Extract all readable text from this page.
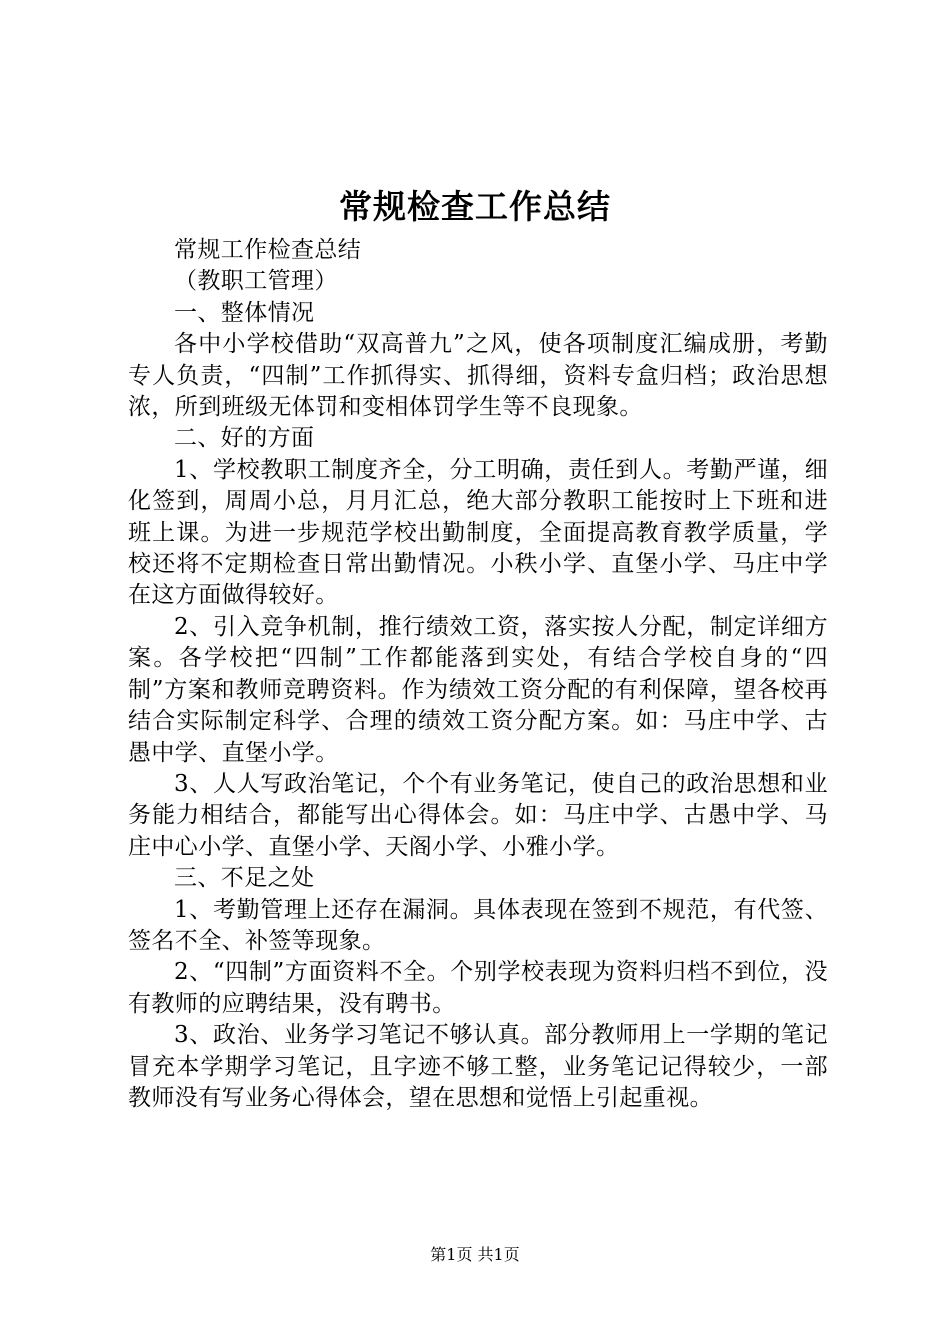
常规检查工作总结

常规工作检查总结

（教职工管理）

一、整体情况

各中小学校借助“双高普九”之风，使各项制度汇编成册，考勤专人负责，“四制”工作抓得实、抓得细，资料专盒归档；政治思想浓，所到班级无体罚和变相体罚学生等不良现象。

二、好的方面

1、学校教职工制度齐全，分工明确，责任到人。考勤严谨，细化签到，周周小总，月月汇总，绝大部分教职工能按时上下班和进班上课。为进一步规范学校出勤制度，全面提高教育教学质量，学校还将不定期检查日常出勤情况。小秩小学、直堡小学、马庄中学在这方面做得较好。

2、引入竞争机制，推行绩效工资，落实按人分配，制定详细方案。各学校把“四制”工作都能落到实处，有结合学校自身的“四制”方案和教师竞聘资料。作为绩效工资分配的有利保障，望各校再结合实际制定科学、合理的绩效工资分配方案。如：马庄中学、古愚中学、直堡小学。

3、人人写政治笔记，个个有业务笔记，使自己的政治思想和业务能力相结合，都能写出心得体会。如：马庄中学、古愚中学、马庄中心小学、直堡小学、天阁小学、小雅小学。

三、不足之处

1、考勤管理上还存在漏洞。具体表现在签到不规范，有代签、签名不全、补签等现象。

2、“四制”方面资料不全。个别学校表现为资料归档不到位，没有教师的应聘结果，没有聘书。

3、政治、业务学习笔记不够认真。部分教师用上一学期的笔记冒充本学期学习笔记，且字迹不够工整，业务笔记记得较少，一部教师没有写业务心得体会，望在思想和觉悟上引起重视。

第1页 共1页
